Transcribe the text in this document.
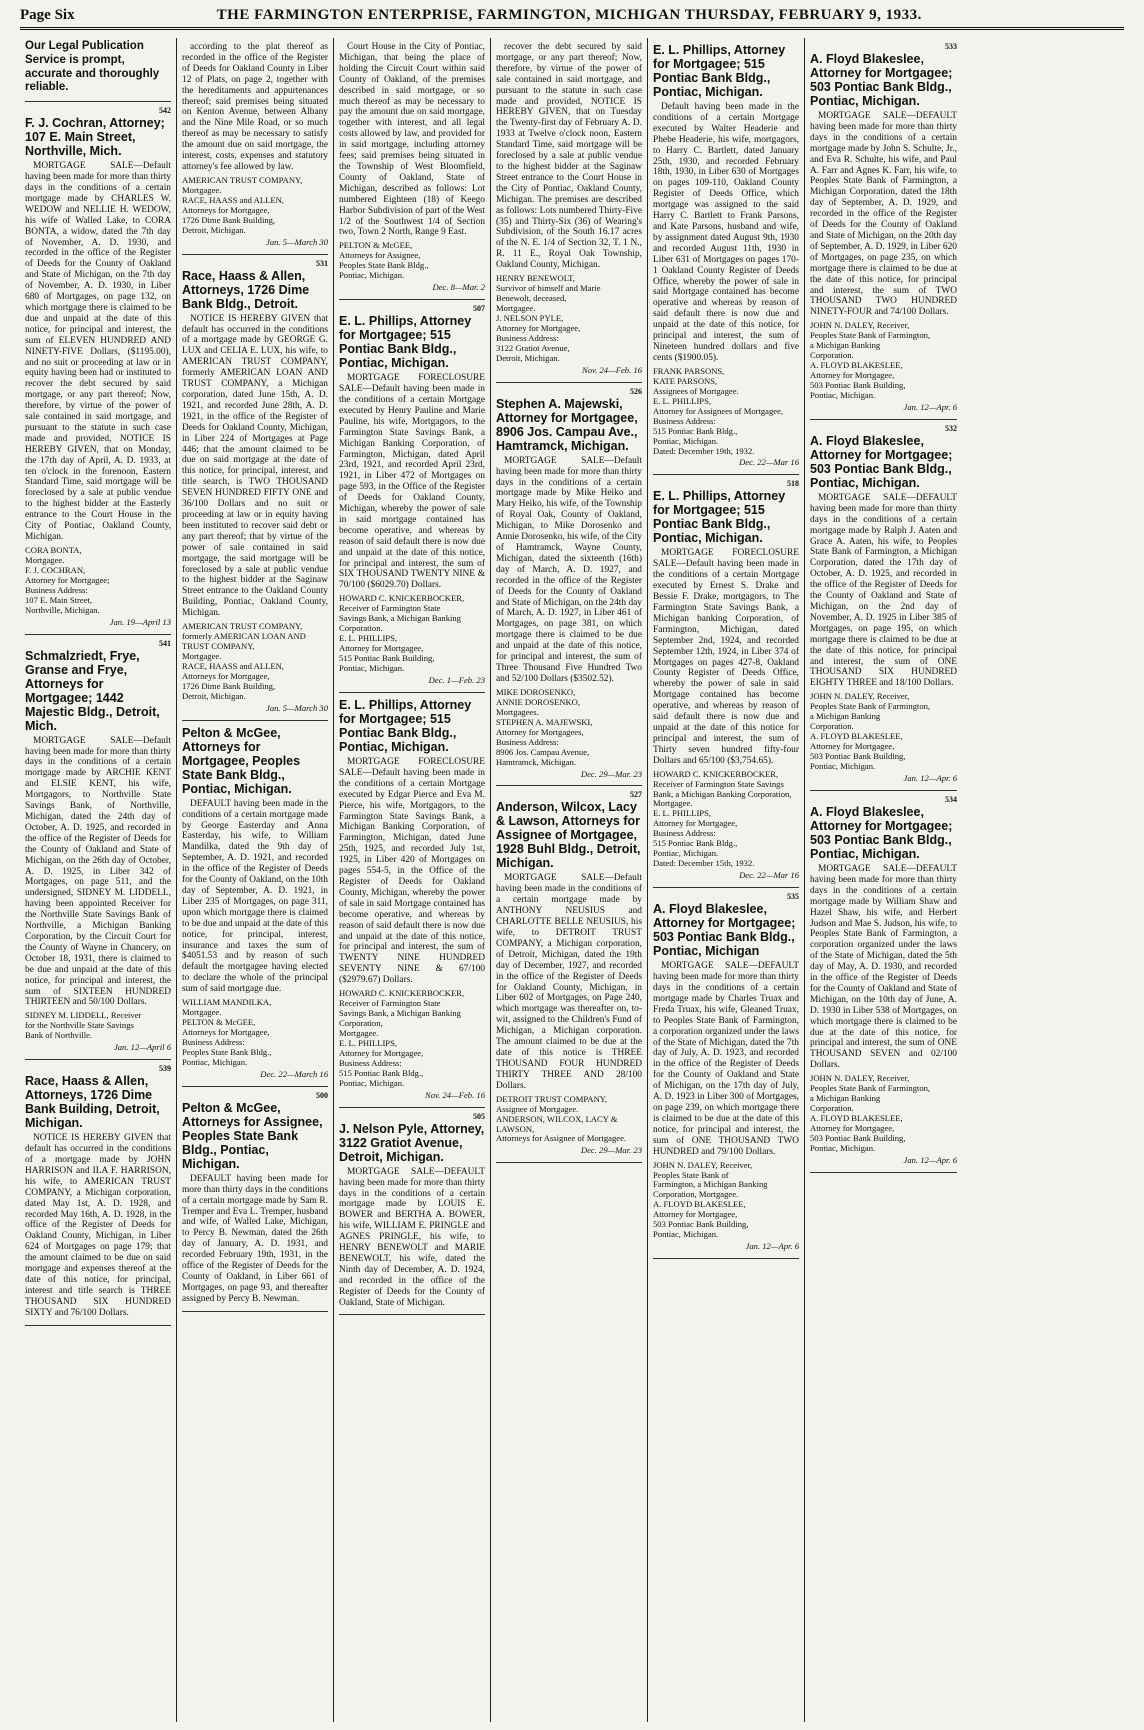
Page Six	THE FARMINGTON ENTERPRISE, FARMINGTON, MICHIGAN THURSDAY, FEBRUARY 9, 1933.
Our Legal Publication Service is prompt, accurate and thoroughly reliable.
542
F. J. Cochran, Attorney; 107 E. Main Street, Northville, Mich.
MORTGAGE SALE—Default having been made for more than thirty days in the conditions of a certain mortgage made by CHARLES W. WEDOW and NELLIE H. WEDOW, his wife of Walled Lake, to CORA BONTA, a widow, dated the 7th day of November, A. D. 1930, and recorded in the office of the Register of Deeds for the County of Oakland and State of Michigan, on the 7th day of November, A. D. 1930, in Liber 680 of Mortgages, on page 132, on which mortgage there is claimed to be due and unpaid at the date of this notice, for principal and interest, the sum of ELEVEN HUNDRED AND NINETY-FIVE Dollars, ($1195.00), and no suit or proceeding at law or in equity having been had or instituted to recover the debt secured by said mortgage, or any part thereof; Now, therefore, by virtue of the power of sale contained in said mortgage, and pursuant to the statute in such case made and provided, NOTICE IS HEREBY GIVEN, that on Monday, the 17th day of April, A. D. 1933, at ten o'clock in the forenoon, Eastern Standard Time, said mortgage will be foreclosed by a sale at public vendue to the highest bidder at the Easterly entrance to the Court House in the City of Pontiac, Oakland County, Michigan.
CORA BONTA,
Mortgagee.
F. J. COCHRAN,
Attorney for Mortgagee;
Business Address:
107 E. Main Street,
Northville, Michigan.
Jan. 19—April 13
541
Schmalzriedt, Frye, Granse and Frye, Attorneys for Mortgagee; 1442 Majestic Bldg., Detroit, Mich.
MORTGAGE SALE—Default having been made for more than thirty days in the conditions of a certain mortgage made by ARCHIE KENT and ELSIE KENT, his wife, Mortgagors, to Northville State Savings Bank, of Northville, Michigan, dated the 24th day of October, A. D. 1925, and recorded in the office of the Register of Deeds for the County of Oakland and State of Michigan, on the 26th day of October, A. D. 1925, in Liber 342 of Mortgages, on page 511, and the undersigned, SIDNEY M. LIDDELL, having been appointed Receiver for the Northville State Savings Bank of Northville, a Michigan Banking Corporation, by the Circuit Court for the County of Wayne in Chancery, on October 18, 1931, there is claimed to be due and unpaid at the date of this notice, for principal and interest, the sum of SIXTEEN HUNDRED THIRTEEN and 50/100 Dollars.
SIDNEY M. LIDDELL, Receiver
for the Northville State Savings
Bank of Northville.
Jan. 12—April 6
539
Race, Haass & Allen, Attorneys, 1726 Dime Bank Building, Detroit, Michigan.
NOTICE IS HEREBY GIVEN that default has occurred in the conditions of a mortgage made by JOHN HARRISON and ILA F. HARRISON, his wife, to AMERICAN TRUST COMPANY, a Michigan corporation, dated May 1st, A. D. 1928, and recorded May 16th, A. D. 1928, in the office of the Register of Deeds for Oakland County, Michigan, in Liber 624 of Mortgages on page 179; that the amount claimed to be due on said mortgage and expenses thereof at the date of this notice, for principal, interest and title search is THREE THOUSAND SIX HUNDRED SIXTY and 76/100 Dollars.
according to the plat thereof as recorded in the office of the Register of Deeds for Oakland County in Liber 12 of Plats, on page 2, together with the hereditaments and appurtenances thereof; said premises being situated on Kenton Avenue, between Albany and the Nine Mile Road, or so much thereof as may be necessary to satisfy the amount due on said mortgage, the interest, costs, expenses and statutory attorney's fee allowed by law.
AMERICAN TRUST COMPANY,
Mortgagee.
RACE, HAASS and ALLEN,
Attorneys for Mortgagee,
1726 Dime Bank Building,
Detroit, Michigan.
Jan. 5—March 30
531
Race, Haass & Allen, Attorneys, 1726 Dime Bank Bldg., Detroit.
NOTICE IS HEREBY GIVEN that default has occurred in the conditions of a mortgage made by GEORGE G. LUX and CELIA E. LUX, his wife, to AMERICAN TRUST COMPANY, formerly AMERICAN LOAN AND TRUST COMPANY, a Michigan corporation, dated June 15th, A. D. 1921, and recorded June 28th, A. D. 1921, in the office of the Register of Deeds for Oakland County, Michigan, in Liber 224 of Mortgages at Page 446; that the amount claimed to be due on said mortgage at the date of this notice, for principal, interest, and title search, is TWO THOUSAND SEVEN HUNDRED FIFTY ONE and 36/100 Dollars and no suit or proceeding at law or in equity having been instituted to recover said debt or any part thereof; that by virtue of the power of sale contained in said mortgage, the said mortgage will be foreclosed by a sale at public vendue to the highest bidder at the Saginaw Street entrance to the Oakland County Building, Pontiac, Oakland County, Michigan.
AMERICAN TRUST COMPANY,
formerly AMERICAN LOAN AND
TRUST COMPANY,
Mortgagee.
RACE, HAASS and ALLEN,
Attorneys for Mortgagee,
1726 Dime Bank Building,
Detroit, Michigan.
Jan. 5—March 30
Pelton & McGee, Attorneys for Mortgagee, Peoples State Bank Bldg., Pontiac, Michigan.
DEFAULT having been made in the conditions of a certain mortgage made by George Easterday and Anna Easterday, his wife, to William Mandilka, dated the 9th day of September, A. D. 1921, and recorded in the office of the Register of Deeds for the County of Oakland, on the 10th day of September, A. D. 1921, in Liber 235 of Mortgages, on page 311, upon which mortgage there is claimed to be due and unpaid at the date of this notice, for principal, interest, insurance and taxes the sum of $4051.53 and by reason of such default the mortgagee having elected to declare the whole of the principal sum of said mortgage due.
WILLIAM MANDILKA,
Mortgagee.
PELTON & McGEE,
Attorneys for Mortgagee,
Business Address:
Peoples State Bank Bldg.,
Pontiac, Michigan.
Dec. 22—March 16
500
Pelton & McGee, Attorneys for Assignee, Peoples State Bank Bldg., Pontiac, Michigan.
DEFAULT having been made for more than thirty days in the conditions of a certain mortgage made by Sam R. Tremper and Eva L. Tremper, husband and wife, of Walled Lake, Michigan, to Percy B. Newman, dated the 26th day of January, A. D. 1931, and recorded February 19th, 1931, in the office of the Register of Deeds for the County of Oakland, in Liber 661 of Mortgages, on page 93, and thereafter assigned by Percy B. Newman.
Court House in the City of Pontiac, Michigan, that being the place of holding the Circuit Court within said County of Oakland, of the premises described in said mortgage, or so much thereof as may be necessary to pay the amount due on said mortgage, together with interest, and all legal costs allowed by law, and provided for in said mortgage, including attorney fees; said premises being situated in the Township of West Bloomfield, County of Oakland, State of Michigan, described as follows: Lot numbered Eighteen (18) of Keego Harbor Subdivision of part of the West 1/2 of the Southwest 1/4 of Section two, Town 2 North, Range 9 East.
PELTON & McGEE,
Attorneys for Assignee,
Peoples State Bank Bldg.,
Pontiac, Michigan.
Dec. 8—Mar. 2
507
E. L. Phillips, Attorney for Mortgagee; 515 Pontiac Bank Bldg., Pontiac, Michigan.
MORTGAGE FORECLOSURE SALE—Default having been made in the conditions of a certain Mortgage executed by Henry Pauline and Marie Pauline, his wife, Mortgagors, to the Farmington State Savings Bank, a Michigan Banking Corporation, of Farmington, Michigan, dated April 23rd, 1921, and recorded April 23rd, 1921, in Liber 472 of Mortgages on page 593, in the Office of the Register of Deeds for Oakland County, Michigan, whereby the power of sale in said mortgage contained has become operative, and whereas by reason of said default there is now due and unpaid at the date of this notice, for principal and interest, the sum of SIX THOUSAND TWENTY NINE & 70/100 ($6029.70) Dollars.
HOWARD C. KNICKERBOCKER,
Receiver of Farmington State
Savings Bank, a Michigan Banking
Corporation.
E. L. PHILLIPS,
Attorney for Mortgagee,
515 Pontiac Bank Building,
Pontiac, Michigan.
Dec. 1—Feb. 23
E. L. Phillips, Attorney for Mortgagee; 515 Pontiac Bank Bldg., Pontiac, Michigan.
MORTGAGE FORECLOSURE SALE—Default having been made in the conditions of a certain Mortgage executed by Edgar Pierce and Eva M. Pierce, his wife, Mortgagors, to the Farmington State Savings Bank, a Michigan Banking Corporation, of Farmington, Michigan, dated June 25th, 1925, and recorded July 1st, 1925, in Liber 420 of Mortgages on pages 554-5, in the Office of the Register of Deeds for Oakland County, Michigan, whereby the power of sale in said Mortgage contained has become operative, and whereas by reason of said default there is now due and unpaid at the date of this notice, for principal and interest, the sum of TWENTY NINE HUNDRED SEVENTY NINE & 67/100 ($2979.67) Dollars.
HOWARD C. KNICKERBOCKER,
Receiver of Farmington State
Savings Bank, a Michigan Banking
Corporation,
Mortgagee.
E. L. PHILLIPS,
Attorney for Mortgagee,
Business Address:
515 Pontiac Bank Bldg.,
Pontiac, Michigan.
Nov. 24—Feb. 16
505
J. Nelson Pyle, Attorney, 3122 Gratiot Avenue, Detroit, Michigan.
MORTGAGE SALE—DEFAULT having been made for more than thirty days in the conditions of a certain mortgage made by LOUIS E. BOWER and BERTHA A. BOWER, his wife, WILLIAM E. PRINGLE and AGNES PRINGLE, his wife, to HENRY BENEWOLT and MARIE BENEWOLT, his wife, dated the Ninth day of December, A. D. 1924, and recorded in the office of the Register of Deeds for the County of Oakland, State of Michigan.
recover the debt secured by said mortgage, or any part thereof; Now, therefore, by virtue of the power of sale contained in said mortgage, and pursuant to the statute in such case made and provided, NOTICE IS HEREBY GIVEN, that on Tuesday the Twenty-first day of February A. D. 1933 at Twelve o'clock noon, Eastern Standard Time, said mortgage will be foreclosed by a sale at public vendue to the highest bidder at the Saginaw Street entrance to the Court House in the City of Pontiac, Oakland County, Michigan. The premises are described as follows: Lots numbered Thirty-Five (35) and Thirty-Six (36) of Wearing's Subdivision, of the South 16.17 acres of the N. E. 1/4 of Section 32, T. 1 N., R. 11 E., Royal Oak Township, Oakland County, Michigan.
HENRY BENEWOLT,
Survivor of himself and Marie
Benewolt, deceased,
Mortgagee.
J. NELSON PYLE,
Attorney for Mortgagee,
Business Address:
3122 Gratiot Avenue,
Detroit, Michigan.
Nov. 24—Feb. 16
526
Stephen A. Majewski, Attorney for Mortgagee, 8906 Jos. Campau Ave., Hamtramck, Michigan.
MORTGAGE SALE—Default having been made for more than thirty days in the conditions of a certain mortgage made by Mike Heiko and Mary Heiko, his wife, of the Township of Royal Oak, County of Oakland, Michigan, to Mike Dorosenko and Annie Dorosenko, his wife, of the City of Hamtramck, Wayne County, Michigan, dated the sixteenth (16th) day of March, A. D. 1927, and recorded in the office of the Register of Deeds for the County of Oakland and State of Michigan, on the 24th day of March, A. D. 1927, in Liber 461 of Mortgages, on page 381, on which mortgage there is claimed to be due and unpaid at the date of this notice, for principal and interest, the sum of Three Thousand Five Hundred Two and 52/100 Dollars ($3502.52).
MIKE DOROSENKO,
ANNIE DOROSENKO,
Mortgagees.
STEPHEN A. MAJEWSKI,
Attorney for Mortgagees,
Business Address:
8906 Jos. Campau Avenue,
Hamtramck, Michigan.
Dec. 29—Mar. 23
527
Anderson, Wilcox, Lacy & Lawson, Attorneys for Assignee of Mortgagee, 1928 Buhl Bldg., Detroit, Michigan.
MORTGAGE SALE—Default having been made in the conditions of a certain mortgage made by ANTHONY NEUSIUS and CHARLOTTE BELLE NEUSIUS, his wife, to DETROIT TRUST COMPANY, a Michigan corporation, of Detroit, Michigan, dated the 19th day of December, 1927, and recorded in the office of the Register of Deeds for Oakland County, Michigan, in Liber 602 of Mortgages, on Page 240, which mortgage was thereafter on, to-wit, assigned to the Children's Fund of Michigan, a Michigan corporation. The amount claimed to be due at the date of this notice is THREE THOUSAND FOUR HUNDRED THIRTY THREE AND 28/100 Dollars.
DETROIT TRUST COMPANY,
Assignee of Mortgagee.
ANDERSON, WILCOX, LACY & LAWSON,
Attorneys for Assignee of Mortgagee.
Dec. 29—Mar. 23
E. L. Phillips, Attorney for Mortgagee; 515 Pontiac Bank Bldg., Pontiac, Michigan.
Default having been made in the conditions of a certain Mortgage executed by Walter Headerie and Phebe Headerie, his wife, mortgagors, to Harry C. Bartlett, dated January 25th, 1930, and recorded February 18th, 1930, in Liber 630 of Mortgages on pages 109-110, Oakland County Register of Deeds Office, which mortgage was assigned to the said Harry C. Bartlett to Frank Parsons, and Kate Parsons, husband and wife, by assignment dated August 9th, 1930 and recorded August 11th, 1930 in Liber 631 of Mortgages on pages 170-1 Oakland County Register of Deeds Office, whereby the power of sale in said Mortgage contained has become operative and whereas by reason of said default there is now due and unpaid at the date of this notice, for principal and interest, the sum of Nineteen hundred dollars and five cents ($1900.05).
FRANK PARSONS,
KATE PARSONS,
Assignees of Mortgagee.
E. L. PHILLIPS,
Attorney for Assignees of Mortgagee,
Business Address:
515 Pontiac Bank Bldg.,
Pontiac, Michigan.
Dated: December 19th, 1932.
Dec. 22—Mar 16
518
E. L. Phillips, Attorney for Mortgagee; 515 Pontiac Bank Bldg., Pontiac, Michigan.
MORTGAGE FORECLOSURE SALE—Default having been made in the conditions of a certain Mortgage executed by Ernest S. Drake and Bessie F. Drake, mortgagors, to The Farmington State Savings Bank, a Michigan banking Corporation, of Farmington, Michigan, dated September 2nd, 1924, and recorded September 12th, 1924, in Liber 374 of Mortgages on pages 427-8, Oakland County Register of Deeds Office, whereby the power of sale in said Mortgage contained has become operative, and whereas by reason of said default there is now due and unpaid at the date of this notice for principal and interest, the sum of Thirty seven hundred fifty-four Dollars and 65/100 ($3,754.65).
HOWARD C. KNICKERBOCKER,
Receiver of Farmington State Savings
Bank, a Michigan Banking Corporation,
Mortgagee.
E. L. PHILLIPS,
Attorney for Mortgagee,
Business Address:
515 Pontiac Bank Bldg.,
Pontiac, Michigan.
Dated: December 15th, 1932.
Dec. 22—Mar 16
535
A. Floyd Blakeslee, Attorney for Mortgagee; 503 Pontiac Bank Bldg., Pontiac, Michigan
MORTGAGE SALE—DEFAULT having been made for more than thirty days in the conditions of a certain mortgage made by Charles Truax and Freda Truax, his wife, Gleaned Truax, to Peoples State Bank of Farmington, a corporation organized under the laws of the State of Michigan, dated the 7th day of July, A. D. 1923, and recorded in the office of the Register of Deeds for the County of Oakland and State of Michigan, on the 17th day of July, A. D. 1923 in Liber 300 of Mortgages, on page 239, on which mortgage there is claimed to be due at the date of this notice, for principal and interest, the sum of ONE THOUSAND TWO HUNDRED and 79/100 Dollars.
JOHN N. DALEY, Receiver,
Peoples State Bank of
Farmington, a Michigan Banking
Corporation, Mortgagee.
A. FLOYD BLAKESLEE,
Attorney for Mortgagee,
503 Pontiac Bank Building,
Pontiac, Michigan.
Jan. 12—Apr. 6
533
A. Floyd Blakeslee, Attorney for Mortgagee; 503 Pontiac Bank Bldg., Pontiac, Michigan.
MORTGAGE SALE—DEFAULT having been made for more than thirty days in the conditions of a certain mortgage made by John S. Schulte, Jr., and Eva R. Schulte, his wife, and Paul A. Farr and Agnes K. Farr, his wife, to Peoples State Bank of Farmington, a Michigan Corporation, dated the 18th day of September, A. D. 1929, and recorded in the office of the Register of Deeds for the County of Oakland and State of Michigan, on the 20th day of September, A. D. 1929, in Liber 620 of Mortgages, on page 235, on which mortgage there is claimed to be due at the date of this notice, for principal and interest, the sum of TWO THOUSAND TWO HUNDRED NINETY-FOUR and 74/100 Dollars.
JOHN N. DALEY, Receiver,
Peoples State Bank of Farmington,
a Michigan Banking
Corporation.
A. FLOYD BLAKESLEE,
Attorney for Mortgagee,
503 Pontiac Bank Building,
Pontiac, Michigan.
Jan. 12—Apr. 6
532
A. Floyd Blakeslee, Attorney for Mortgagee; 503 Pontiac Bank Bldg., Pontiac, Michigan.
MORTGAGE SALE—DEFAULT having been made for more than thirty days in the conditions of a certain mortgage made by Ralph J. Aaten and Grace A. Aaten, his wife, to Peoples State Bank of Farmington, a Michigan Corporation, dated the 17th day of October, A. D. 1925, and recorded in the office of the Register of Deeds for the County of Oakland and State of Michigan, on the 2nd day of November, A. D. 1925 in Liber 385 of Mortgages, on page 195, on which mortgage there is claimed to be due at the date of this notice, for principal and interest, the sum of ONE THOUSAND SIX HUNDRED EIGHTY THREE and 18/100 Dollars.
JOHN N. DALEY, Receiver,
Peoples State Bank of Farmington,
a Michigan Banking
Corporation.
A. FLOYD BLAKESLEE,
Attorney for Mortgagee,
503 Pontiac Bank Building,
Pontiac, Michigan.
Jan. 12—Apr. 6
534
A. Floyd Blakeslee, Attorney for Mortgagee; 503 Pontiac Bank Bldg., Pontiac, Michigan.
MORTGAGE SALE—DEFAULT having been made for more than thirty days in the conditions of a certain mortgage made by William Shaw and Hazel Shaw, his wife, and Herbert Judson and Mae S. Judson, his wife, to Peoples State Bank of Farmington, a corporation organized under the laws of the State of Michigan, dated the 5th day of May, A. D. 1930, and recorded in the office of the Register of Deeds for the County of Oakland and State of Michigan, on the 10th day of June, A. D. 1930 in Liber 538 of Mortgages, on which mortgage there is claimed to be due at the date of this notice, for principal and interest, the sum of ONE THOUSAND SEVEN and 02/100 Dollars.
JOHN N. DALEY, Receiver,
Peoples State Bank of Farmington,
a Michigan Banking
Corporation.
A. FLOYD BLAKESLEE,
Attorney for Mortgagee,
503 Pontiac Bank Building,
Pontiac, Michigan.
Jan. 12—Apr. 6
